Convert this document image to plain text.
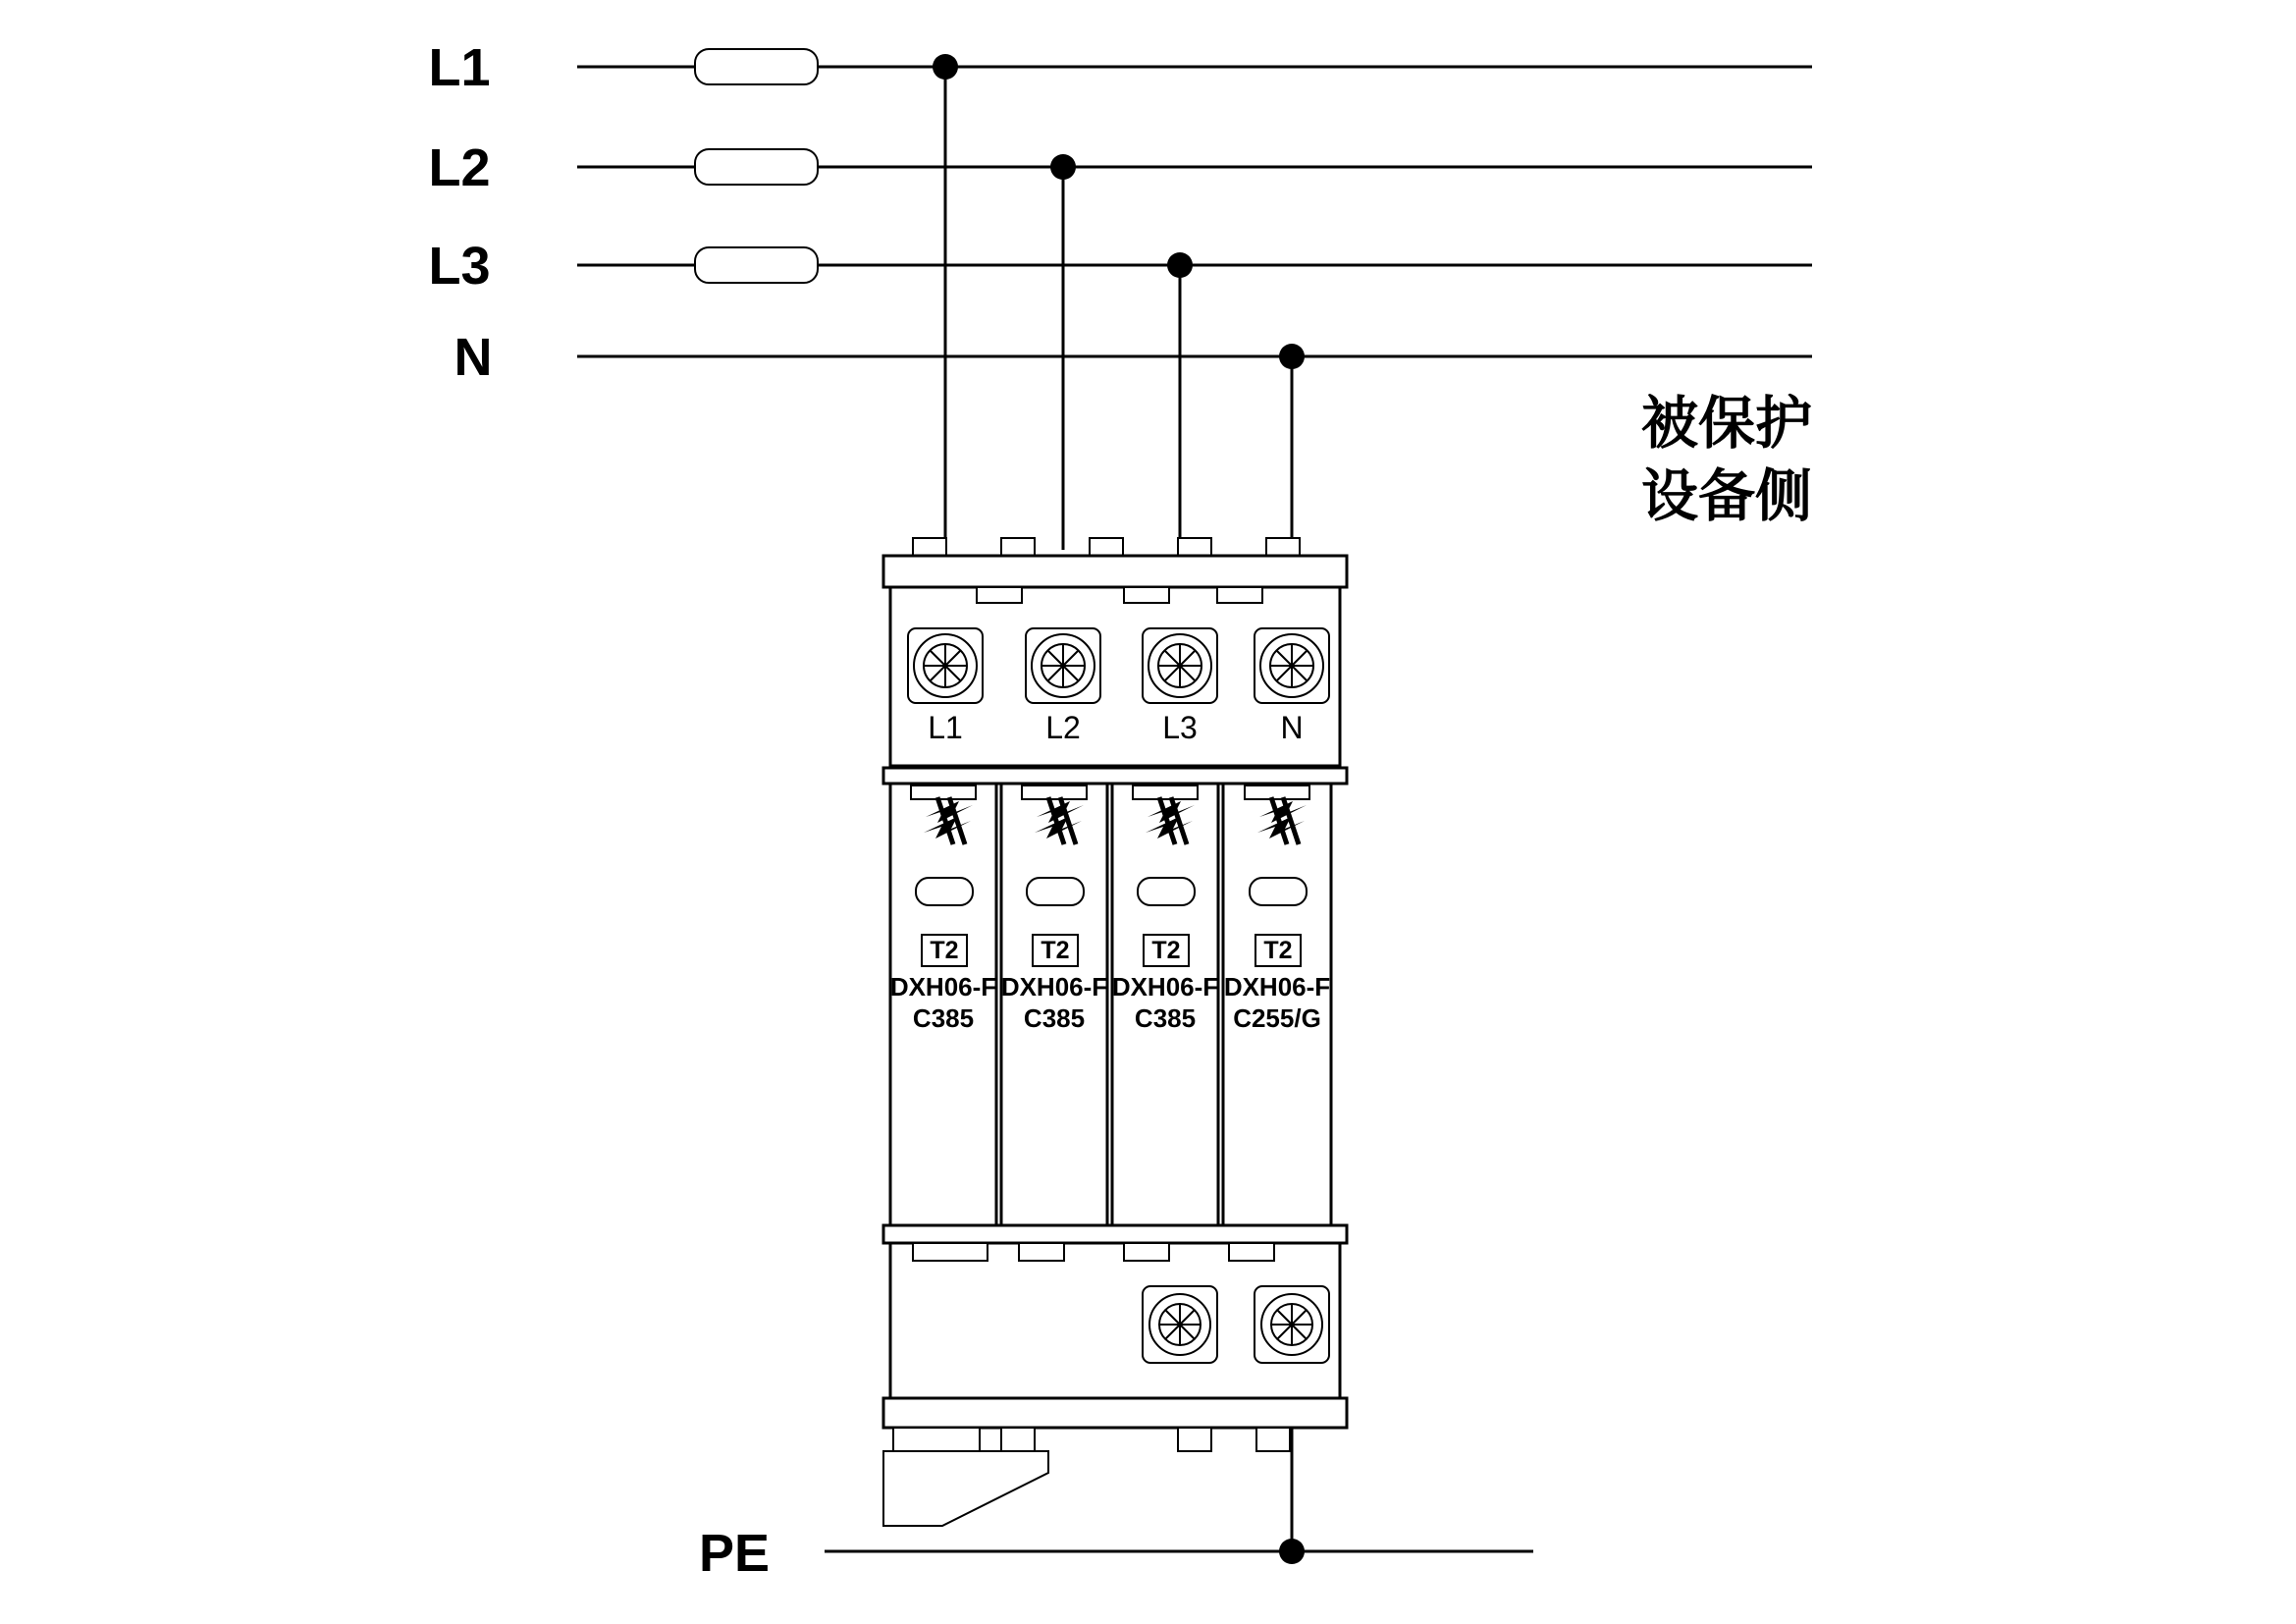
L1
L2
L3
N
被保护
设备侧
L1	L2	L3	N
T2
DXH06-F
C385
T2
DXH06-F
C385
T2
DXH06-F
C385
T2
DXH06-F
C255/G
PE
